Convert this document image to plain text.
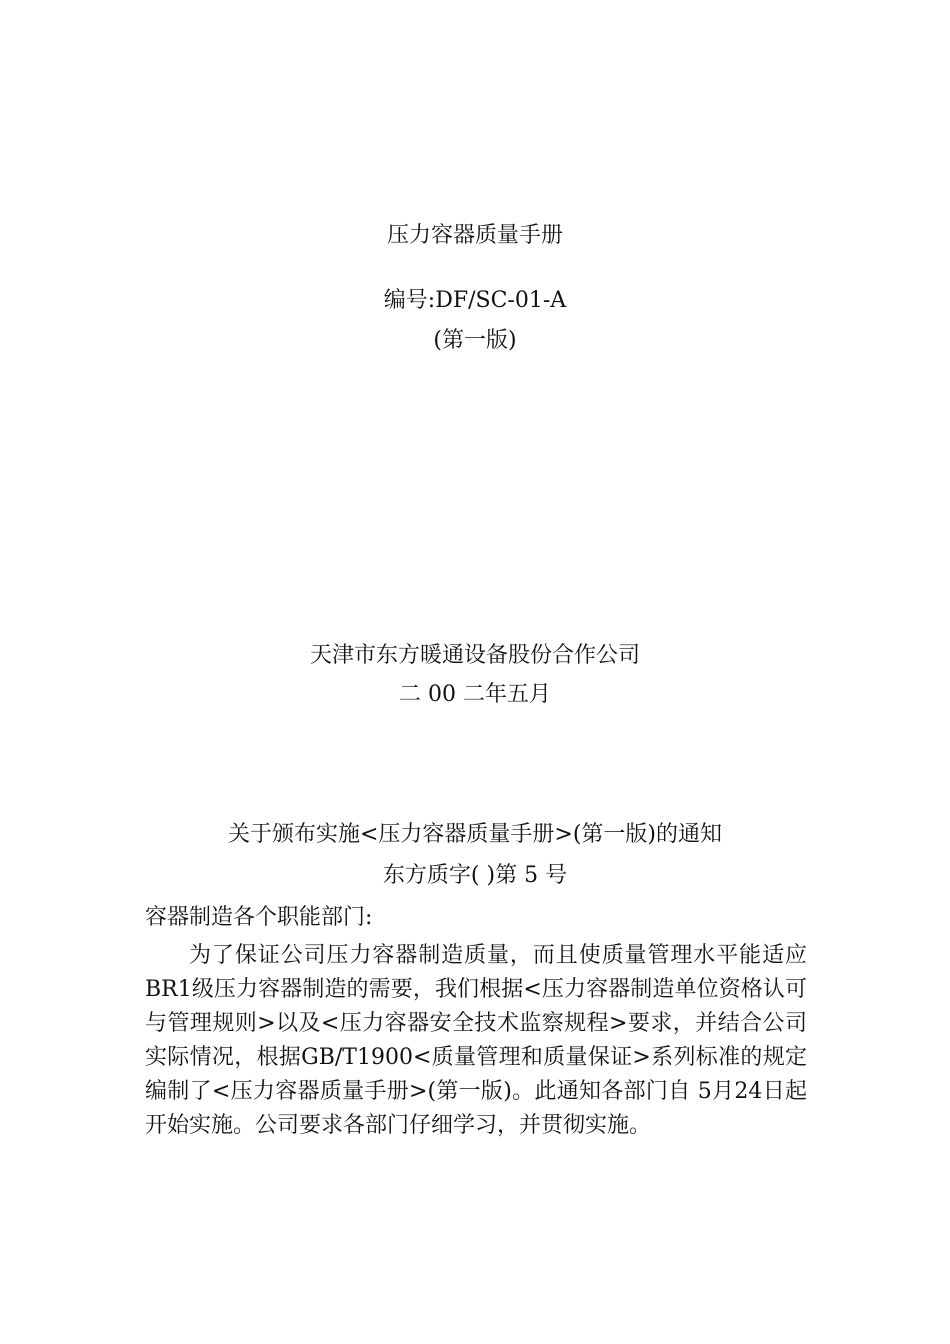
压力容器质量手册
编号:DF/SC-01-A
(第一版)
天津市东方暖通设备股份合作公司
二 00 二年五月
关于颁布实施<压力容器质量手册>(第一版)的通知
东方质字( )第 5 号
容器制造各个职能部门:
为了保证公司压力容器制造质量，而且使质量管理水平能适应BR1级压力容器制造的需要，我们根据<压力容器制造单位资格认可与管理规则>以及<压力容器安全技术监察规程>要求，并结合公司实际情况，根据GB/T1900<质量管理和质量保证>系列标准的规定编制了<压力容器质量手册>(第一版)。此通知各部门自 5月24日起开始实施。公司要求各部门仔细学习，并贯彻实施。
